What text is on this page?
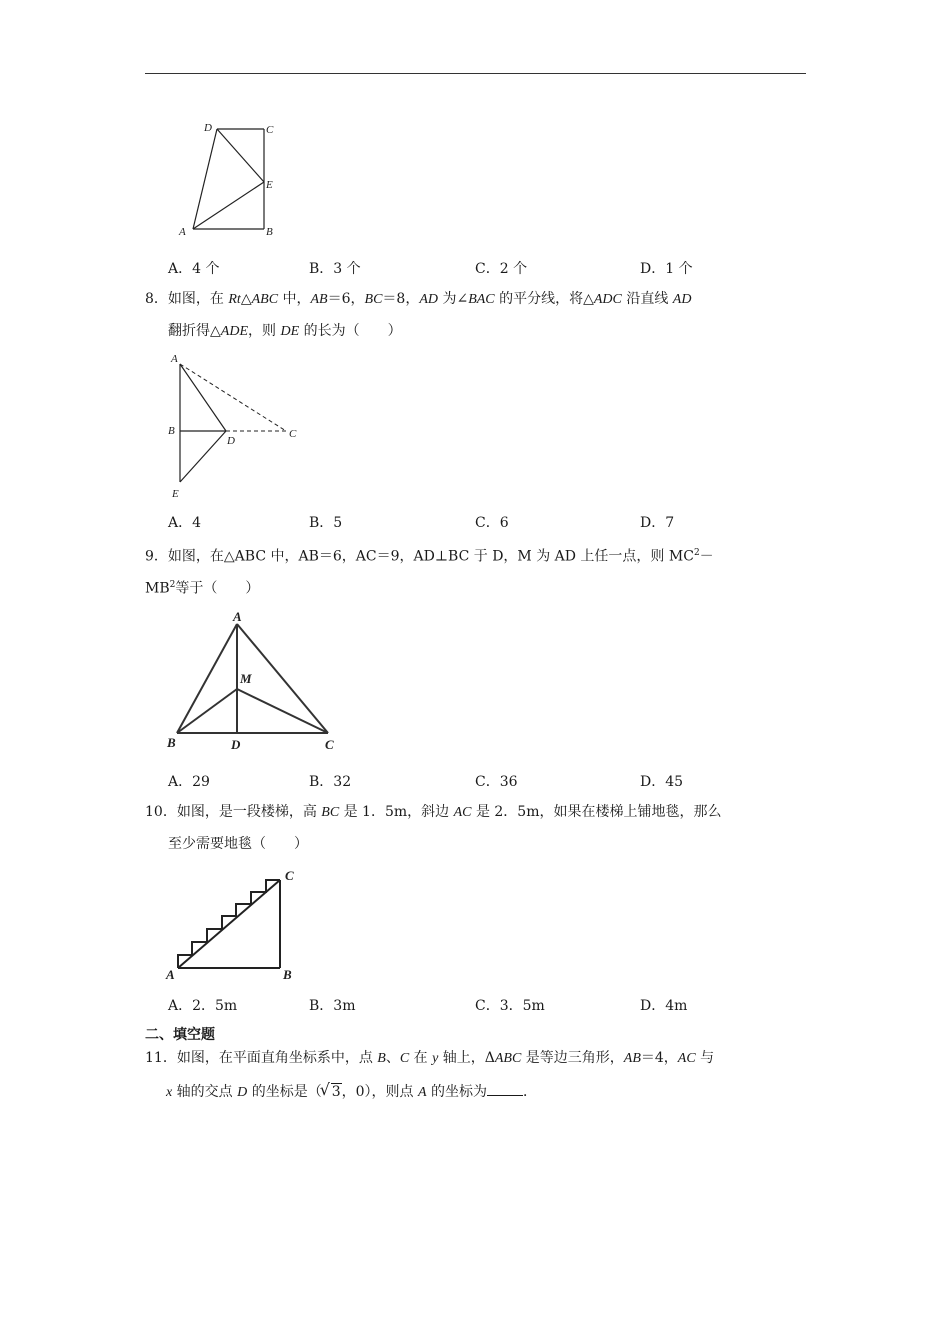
D	C
E
A	B
A．4 个	B．3 个	C．2 个	D．1 个
8．如图，在 Rt△ABC 中，AB＝6，BC＝8，AD 为∠BAC 的平分线，将△ADC 沿直线 AD
翻折得△ADE，则 DE 的长为（　　）
A
B
D
C
E
A．4	B．5	C．6	D．7
9．如图，在△ABC 中，AB＝6，AC＝9，AD⊥BC 于 D，M 为 AD 上任一点，则 $MC^2-$
$MB^2$等于（　　）
A
M
B	D	C
A．29	B．32	C．36	D．45
10．如图，是一段楼梯，高 BC 是 1．5m，斜边 AC 是 2．5m，如果在楼梯上铺地毯，那么
至少需要地毯（　　）
C
A	B
A．2．5m	B．3m	C．3．5m	D．4m
二、填空题
11．如图，在平面直角坐标系中，点 B、C 在 y 轴上，ΔABC 是等边三角形，AB＝4，AC 与
x 轴的交点 D 的坐标是（√ 3，0），则点 A 的坐标为	．
